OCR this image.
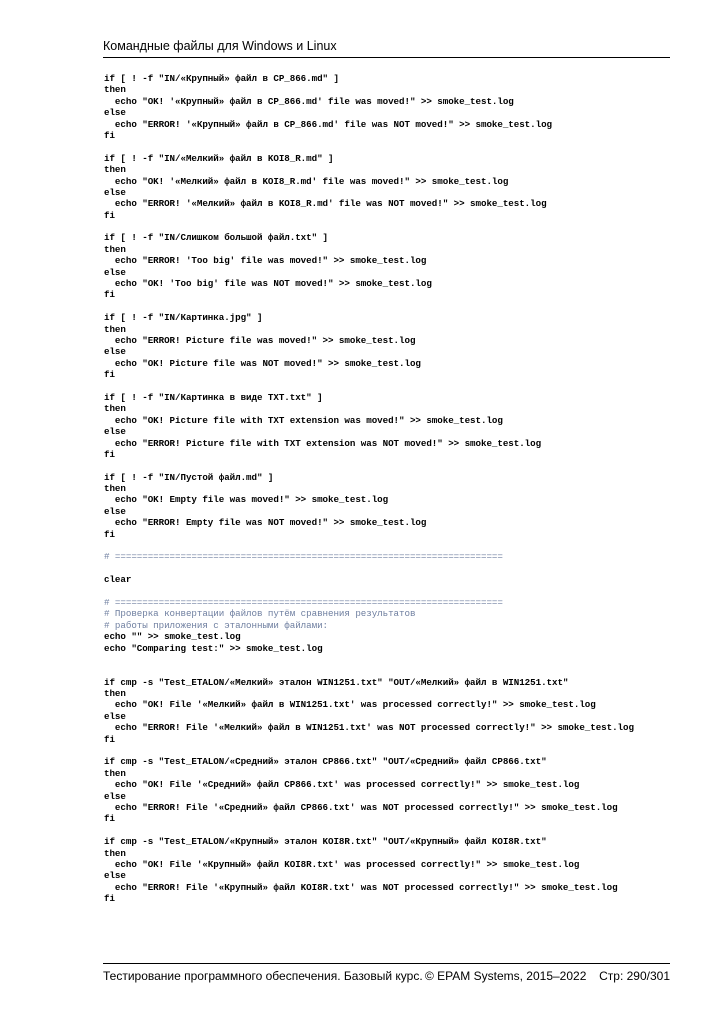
Командные файлы для Windows и Linux
if [ ! -f "IN/«Крупный» файл в CP_866.md" ]
then
echo "OK! '«Крупный» файл в CP_866.md' file was moved!" >> smoke_test.log
else
echo "ERROR! '«Крупный» файл в CP_866.md' file was NOT moved!" >> smoke_test.log
fi
if [ ! -f "IN/«Мелкий» файл в KOI8_R.md" ]
then
echo "OK! '«Мелкий» файл в KOI8_R.md' file was moved!" >> smoke_test.log
else
echo "ERROR! '«Мелкий» файл в KOI8_R.md' file was NOT moved!" >> smoke_test.log
fi
if [ ! -f "IN/Слишком большой файл.txt" ]
then
echo "ERROR! 'Too big' file was moved!" >> smoke_test.log
else
echo "OK! 'Too big' file was NOT moved!" >> smoke_test.log
fi
if [ ! -f "IN/Картинка.jpg" ]
then
echo "ERROR! Picture file was moved!" >> smoke_test.log
else
echo "OK! Picture file was NOT moved!" >> smoke_test.log
fi
if [ ! -f "IN/Картинка в виде TXT.txt" ]
then
echo "OK! Picture file with TXT extension was moved!" >> smoke_test.log
else
echo "ERROR! Picture file with TXT extension was NOT moved!" >> smoke_test.log
fi
if [ ! -f "IN/Пустой файл.md" ]
then
echo "OK! Empty file was moved!" >> smoke_test.log
else
echo "ERROR! Empty file was NOT moved!" >> smoke_test.log
fi
# =======================================================================
clear
# =======================================================================
# Проверка конвертации файлов путём сравнения результатов
# работы приложения с эталонными файлами:
echo "" >> smoke_test.log
echo "Comparing test:" >> smoke_test.log
if cmp -s "Test_ETALON/«Мелкий» эталон WIN1251.txt" "OUT/«Мелкий» файл в WIN1251.txt"
then
echo "OK! File '«Мелкий» файл в WIN1251.txt' was processed correctly!" >> smoke_test.log
else
echo "ERROR! File '«Мелкий» файл в WIN1251.txt' was NOT processed correctly!" >> smoke_test.log
fi
if cmp -s "Test_ETALON/«Средний» эталон CP866.txt" "OUT/«Средний» файл CP866.txt"
then
echo "OK! File '«Средний» файл CP866.txt' was processed correctly!" >> smoke_test.log
else
echo "ERROR! File '«Средний» файл CP866.txt' was NOT processed correctly!" >> smoke_test.log
fi
if cmp -s "Test_ETALON/«Крупный» эталон KOI8R.txt" "OUT/«Крупный» файл KOI8R.txt"
then
echo "OK! File '«Крупный» файл KOI8R.txt' was processed correctly!" >> smoke_test.log
else
echo "ERROR! File '«Крупный» файл KOI8R.txt' was NOT processed correctly!" >> smoke_test.log
fi
Тестирование программного обеспечения. Базовый курс. © EPAM Systems, 2015–2022 Стр: 290/301
